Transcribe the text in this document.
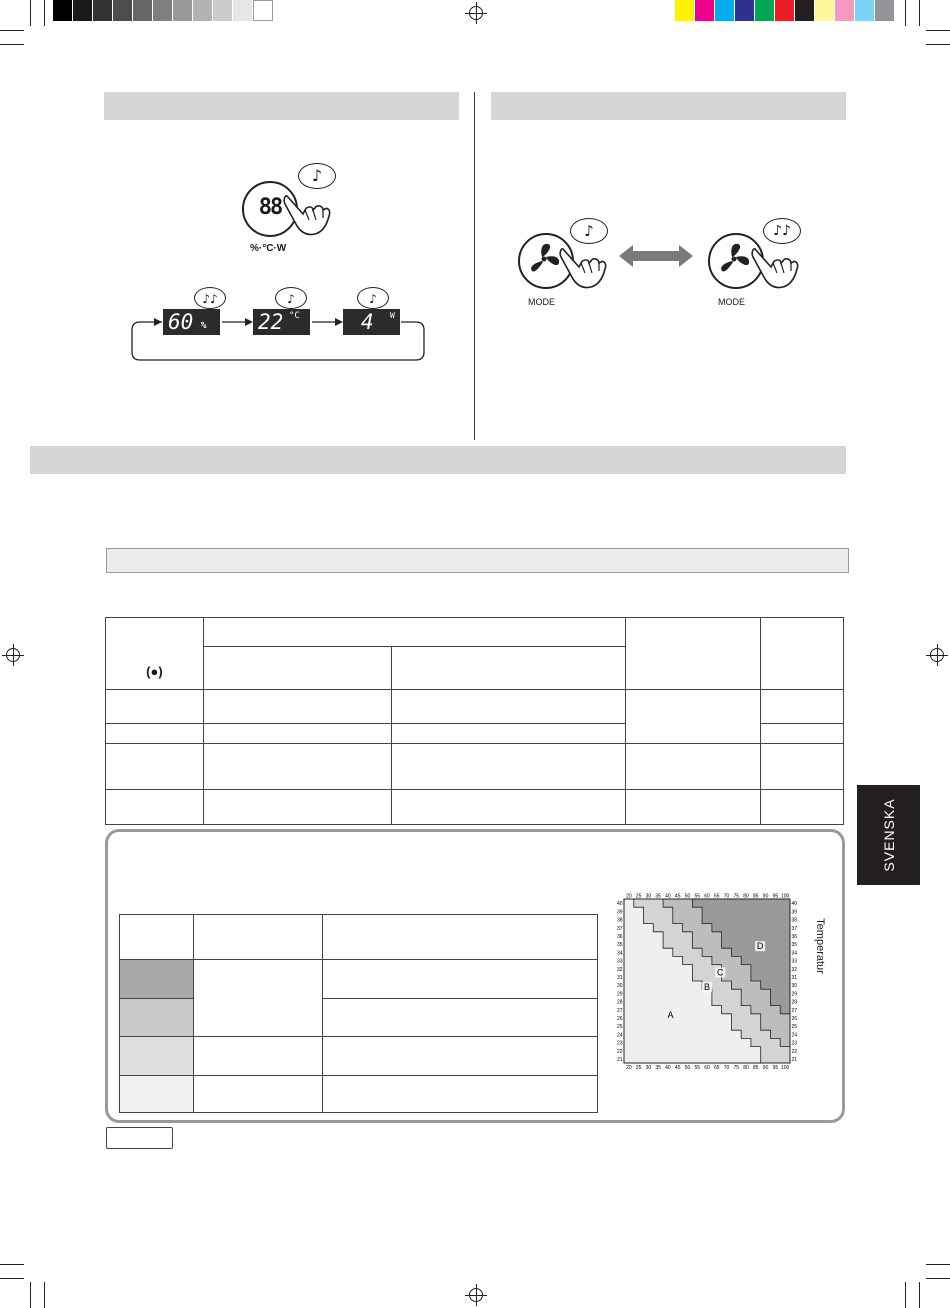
88
♪
%·°C·W
♪♪	♪	♪
60 % 22 °C	4 W
♪
MODE
♪♪
MODE
(●)				

20
20
25
25
30
30
35
35
40
40
45
45
50
50
55
55
60
60
65
65
70
70
75
75
80
80
85
85
90
90
95
95
100
100
40	40
39	39
38	38
37	37
36	36
35	35
34	34
33	33
32	32
31	31
30	30
29	29
28	28
27	27
26	26
25	25
24	24
23	23
22	22
21	21
A
B
C
D	Temperatur
SVENSKA
